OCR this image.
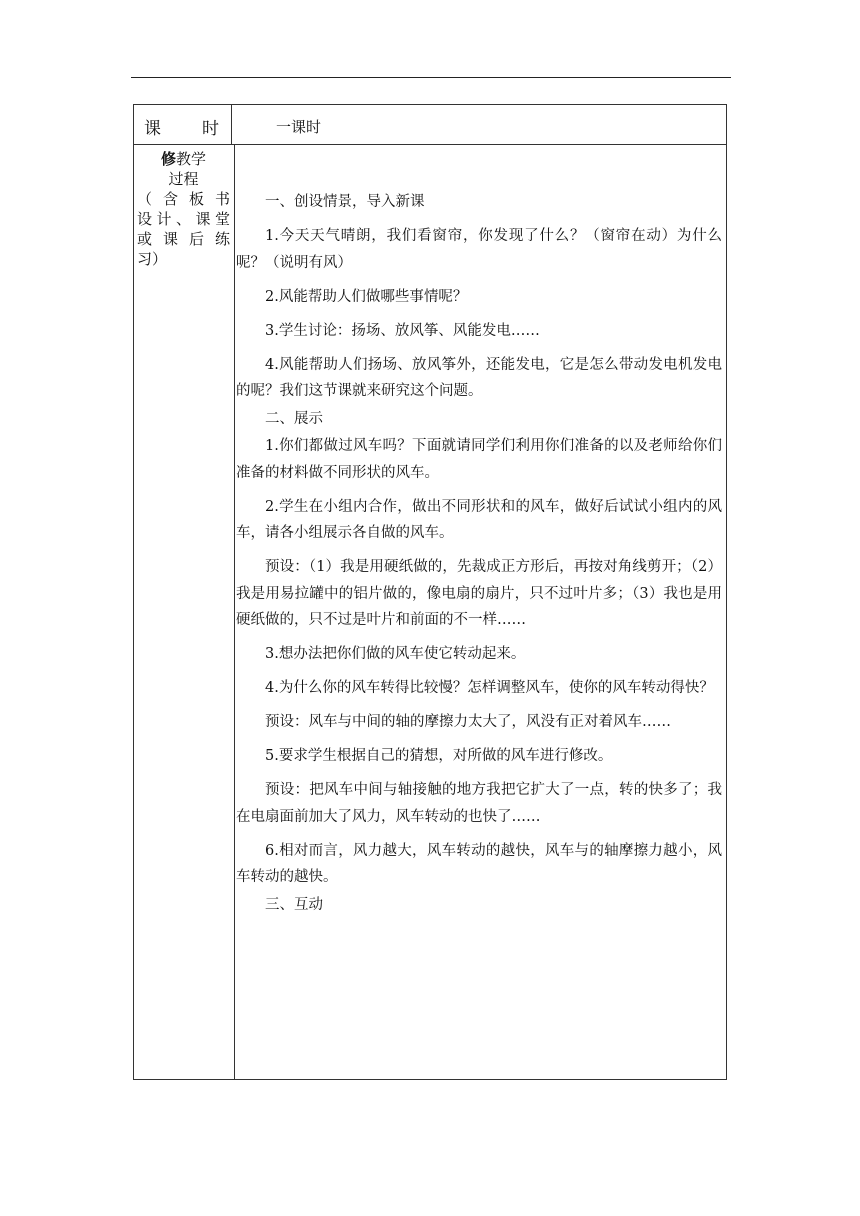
课 时	一课时
修教学
过程
（含板书
设计、课堂
或课后练
习）

一、创设情景，导入新课

1.今天天气晴朗，我们看窗帘，你发现了什么？（窗帘在动）为什么呢？（说明有风）

2.风能帮助人们做哪些事情呢？

3.学生讨论：扬场、放风筝、风能发电……

4.风能帮助人们扬场、放风筝外，还能发电，它是怎么带动发电机发电的呢？我们这节课就来研究这个问题。

二、展示

1.你们都做过风车吗？下面就请同学们利用你们准备的以及老师给你们准备的材料做不同形状的风车。

2.学生在小组内合作，做出不同形状和的风车，做好后试试小组内的风车，请各小组展示各自做的风车。

预设：（1）我是用硬纸做的，先裁成正方形后，再按对角线剪开；（2）我是用易拉罐中的铝片做的，像电扇的扇片，只不过叶片多；（3）我也是用硬纸做的，只不过是叶片和前面的不一样……

3.想办法把你们做的风车使它转动起来。

4.为什么你的风车转得比较慢？怎样调整风车，使你的风车转动得快？

预设：风车与中间的轴的摩擦力太大了，风没有正对着风车……

5.要求学生根据自己的猜想，对所做的风车进行修改。

预设：把风车中间与轴接触的地方我把它扩大了一点，转的快多了；我在电扇面前加大了风力，风车转动的也快了……

6.相对而言，风力越大，风车转动的越快，风车与的轴摩擦力越小，风车转动的越快。

三、互动
